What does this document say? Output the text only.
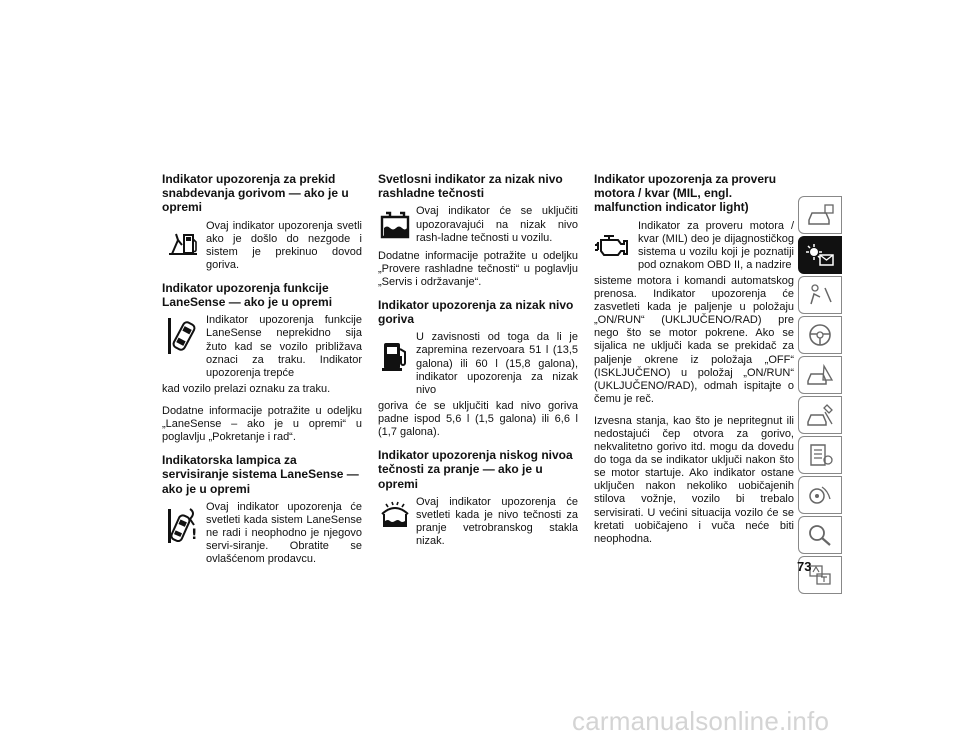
Indikator upozorenja za prekid snabdevanja gorivom — ako je u opremi
Ovaj indikator upozorenja svetli ako je došlo do nezgode i sistem je prekinuo dovod goriva.
Indikator upozorenja funkcije LaneSense — ako je u opremi
Indikator upozorenja funkcije LaneSense neprekidno sija žuto kad se vozilo približava oznaci za traku. Indikator upozorenja trepće

kad vozilo prelazi oznaku za traku.

Dodatne informacije potražite u odeljku „LaneSense – ako je u opremi“ u poglavlju „Pokretanje i rad“.

Indikatorska lampica za servisiranje sistema LaneSense — ako je u opremi
!
Ovaj indikator upozorenja će svetleti kada sistem LaneSense ne radi i neophodno je njegovo servi-siranje. Obratite se ovlašćenom prodavcu.
Svetlosni indikator za nizak nivo rashladne tečnosti
Ovaj indikator će se uključiti upozoravajući na nizak nivo rash-ladne tečnosti u vozilu.

Dodatne informacije potražite u odeljku „Provere rashladne tečnosti“ u poglavlju „Servis i održavanje“.

Indikator upozorenja za nizak nivo goriva
U zavisnosti od toga da li je zapremina rezervoara 51 l (13,5 galona) ili 60 l (15,8 galona), indikator upozorenja za nizak nivo

goriva će se uključiti kad nivo goriva padne ispod 5,6 l (1,5 galona) ili 6,6 l (1,7 galona).

Indikator upozorenja niskog nivoa tečnosti za pranje — ako je u opremi
Ovaj indikator upozorenja će svetleti kada je nivo tečnosti za pranje vetrobranskog stakla nizak.
Indikator upozorenja za proveru motora / kvar (MIL, engl. malfunction indicator light)
Indikator za proveru motora / kvar (MIL) deo je dijagnostičkog sistema u vozilu koji je poznatiji pod oznakom OBD II, a nadzire

sisteme motora i komandi automatskog prenosa. Indikator upozorenja će zasvetleti kada je paljenje u položaju „ON/RUN“ (UKLJUČENO/RAD) pre nego što se motor pokrene. Ako se sijalica ne uključi kada se prekidač za paljenje okrene iz položaja „OFF“ (ISKLJUČENO) u položaj „ON/RUN“ (UKLJUČENO/RAD), odmah ispitajte o čemu je reč.

Izvesna stanja, kao što je nepritegnut ili nedostajući čep otvora za gorivo, nekvalitetno gorivo itd. mogu da dovedu do toga da se indikator uključi nakon što se motor startuje. Ako indikator ostane uključen nakon nekoliko uobičajenih stilova vožnje, vozilo bi trebalo servisirati. U većini situacija vozilo će se kretati uobičajeno i vuča neće biti neophodna.

73
carmanualsonline.info
